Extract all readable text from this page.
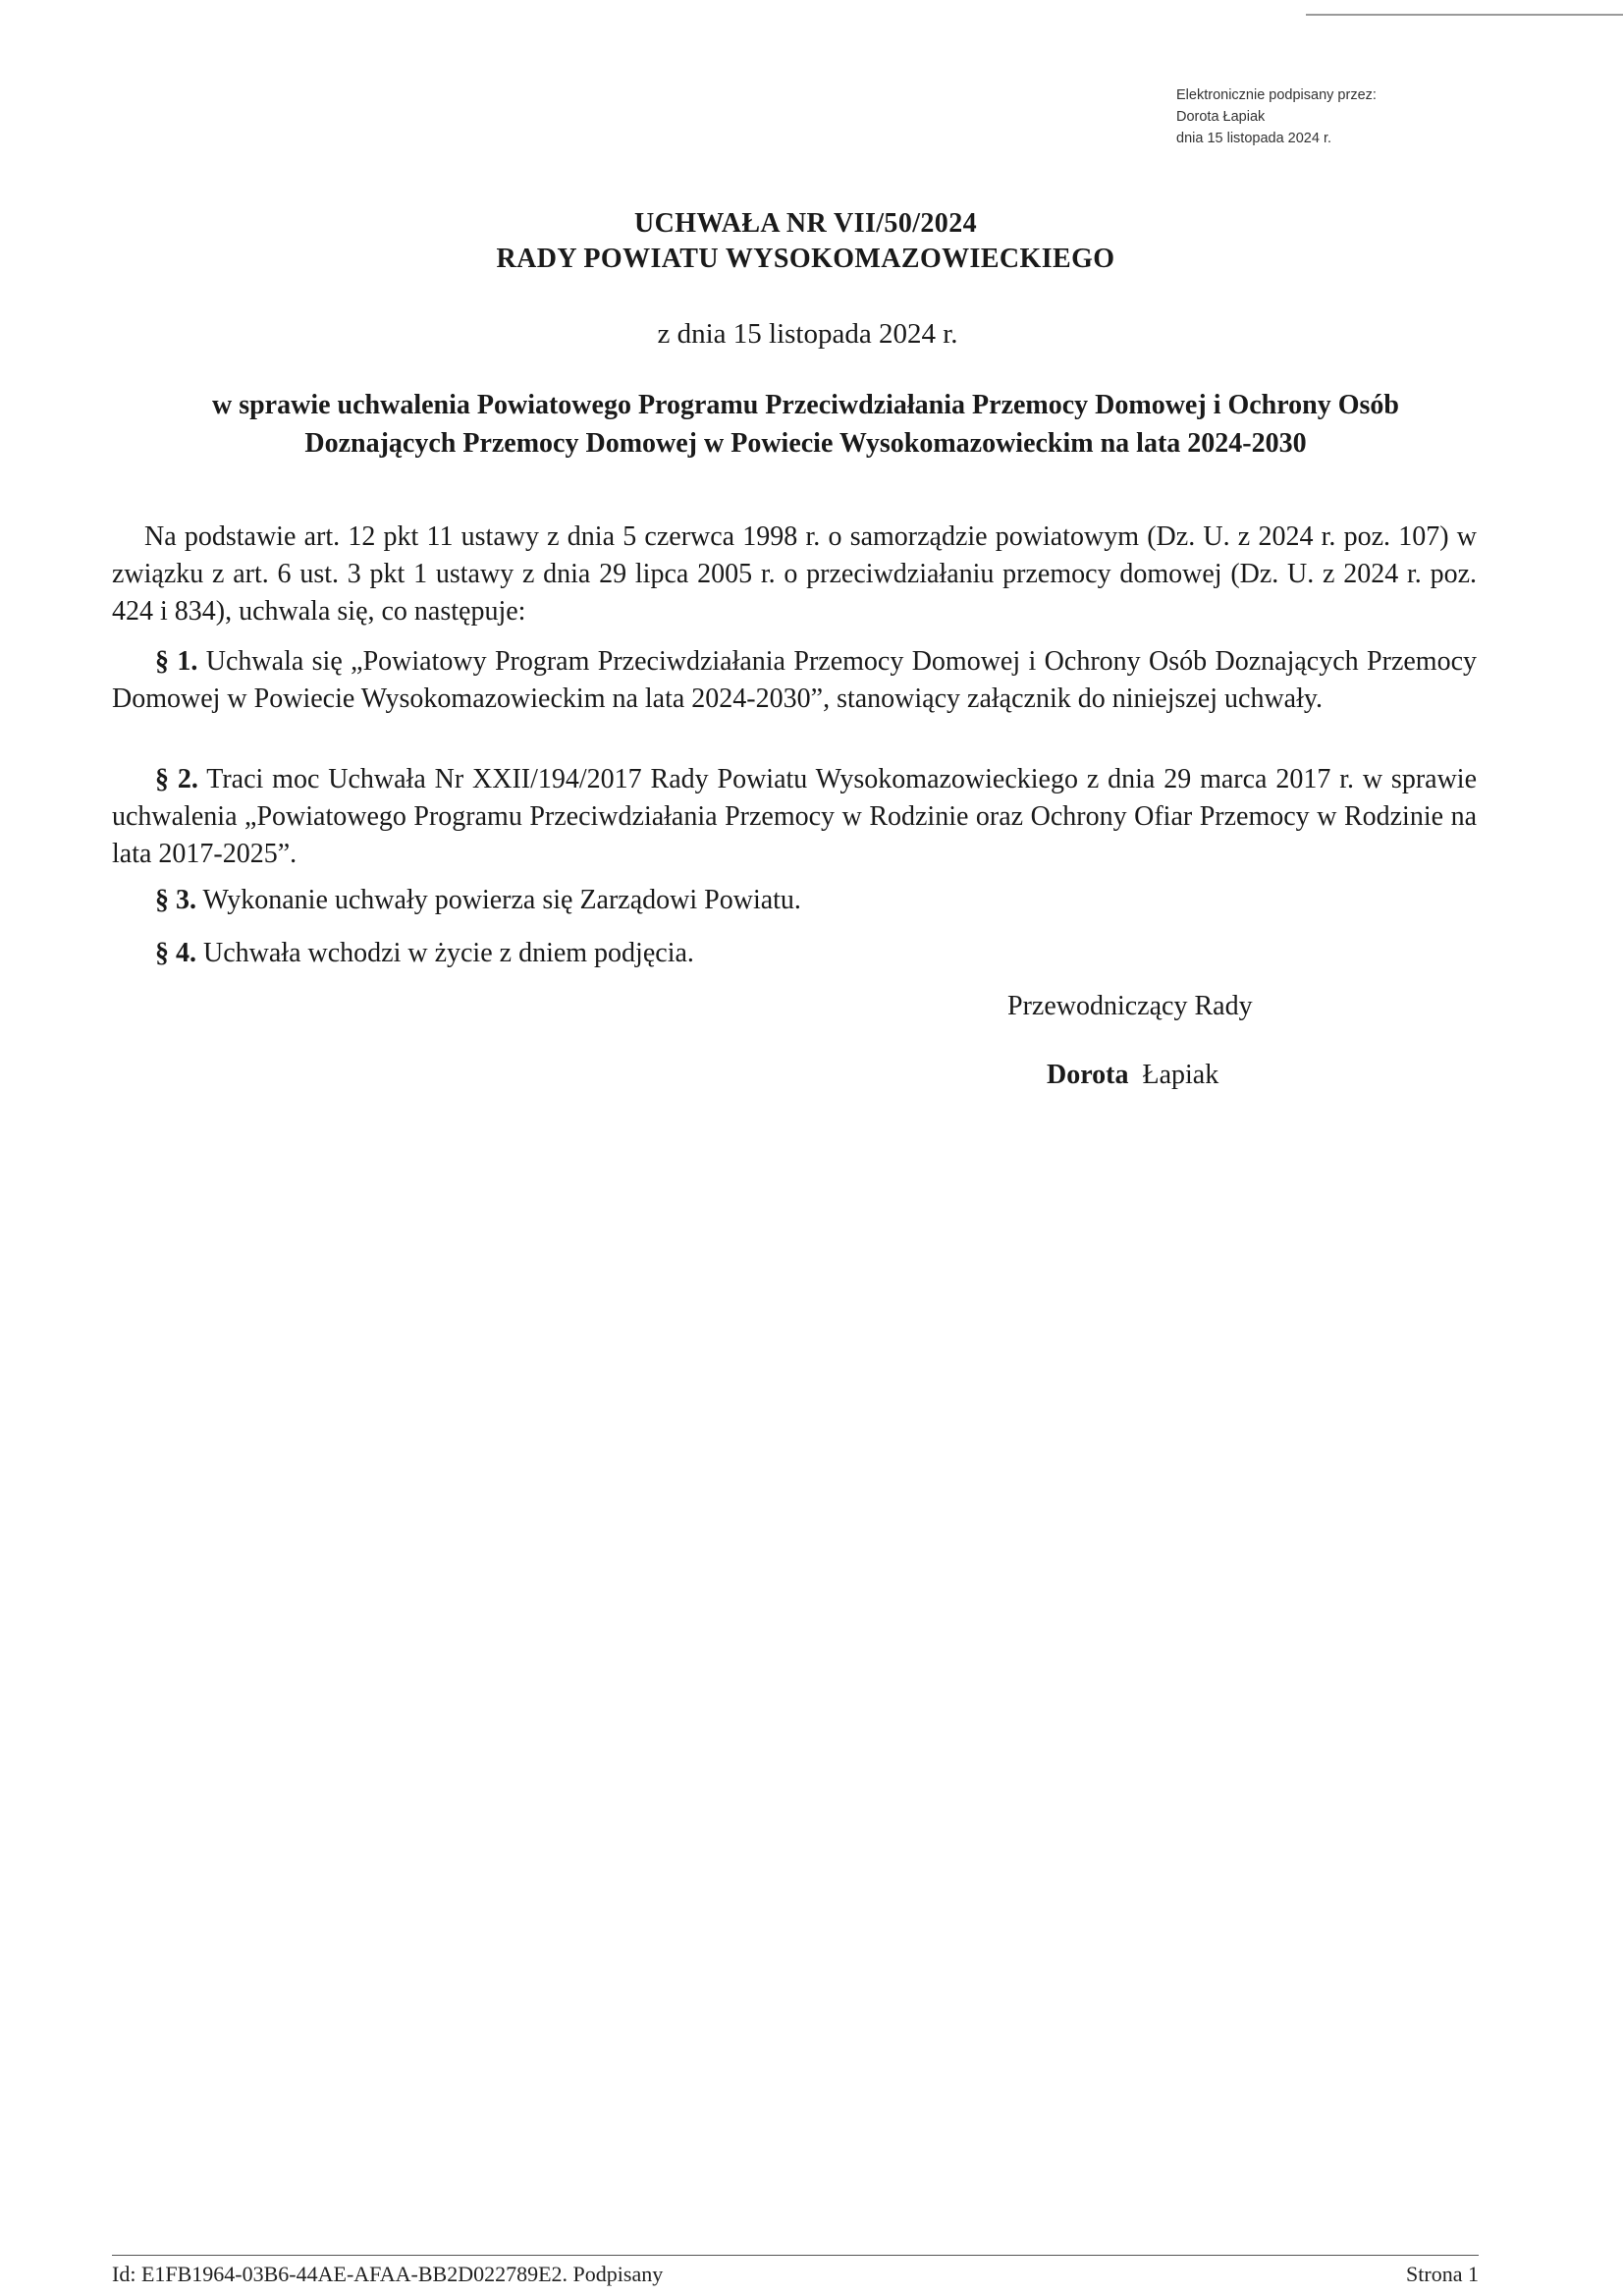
Elektronicznie podpisany przez:
Dorota Łapiak
dnia 15 listopada 2024 r.
UCHWAŁA NR VII/50/2024
RADY POWIATU WYSOKOMAZOWIECKIEGO
z dnia 15 listopada 2024 r.
w sprawie uchwalenia Powiatowego Programu Przeciwdziałania Przemocy Domowej i Ochrony Osób
Doznających Przemocy Domowej w Powiecie Wysokomazowieckim na lata 2024-2030
Na podstawie art. 12 pkt 11 ustawy z dnia 5 czerwca 1998 r. o samorządzie powiatowym (Dz. U. z 2024 r. poz. 107) w związku z art. 6 ust. 3 pkt 1 ustawy z dnia 29 lipca 2005 r. o przeciwdziałaniu przemocy domowej (Dz. U. z 2024 r. poz. 424 i 834), uchwala się, co następuje:
§ 1. Uchwala się „Powiatowy Program Przeciwdziałania Przemocy Domowej i Ochrony Osób Doznających Przemocy Domowej w Powiecie Wysokomazowieckim na lata 2024-2030”, stanowiący załącznik do niniejszej uchwały.
§ 2. Traci moc Uchwała Nr XXII/194/2017 Rady Powiatu Wysokomazowieckiego z dnia 29 marca 2017 r. w sprawie uchwalenia „Powiatowego Programu Przeciwdziałania Przemocy w Rodzinie oraz Ochrony Ofiar Przemocy w Rodzinie na lata 2017-2025”.
§ 3. Wykonanie uchwały powierza się Zarządowi Powiatu.
§ 4. Uchwała wchodzi w życie z dniem podjęcia.
Przewodniczący Rady
Dorota Łapiak
Id: E1FB1964-03B6-44AE-AFAA-BB2D022789E2. Podpisany	Strona 1
